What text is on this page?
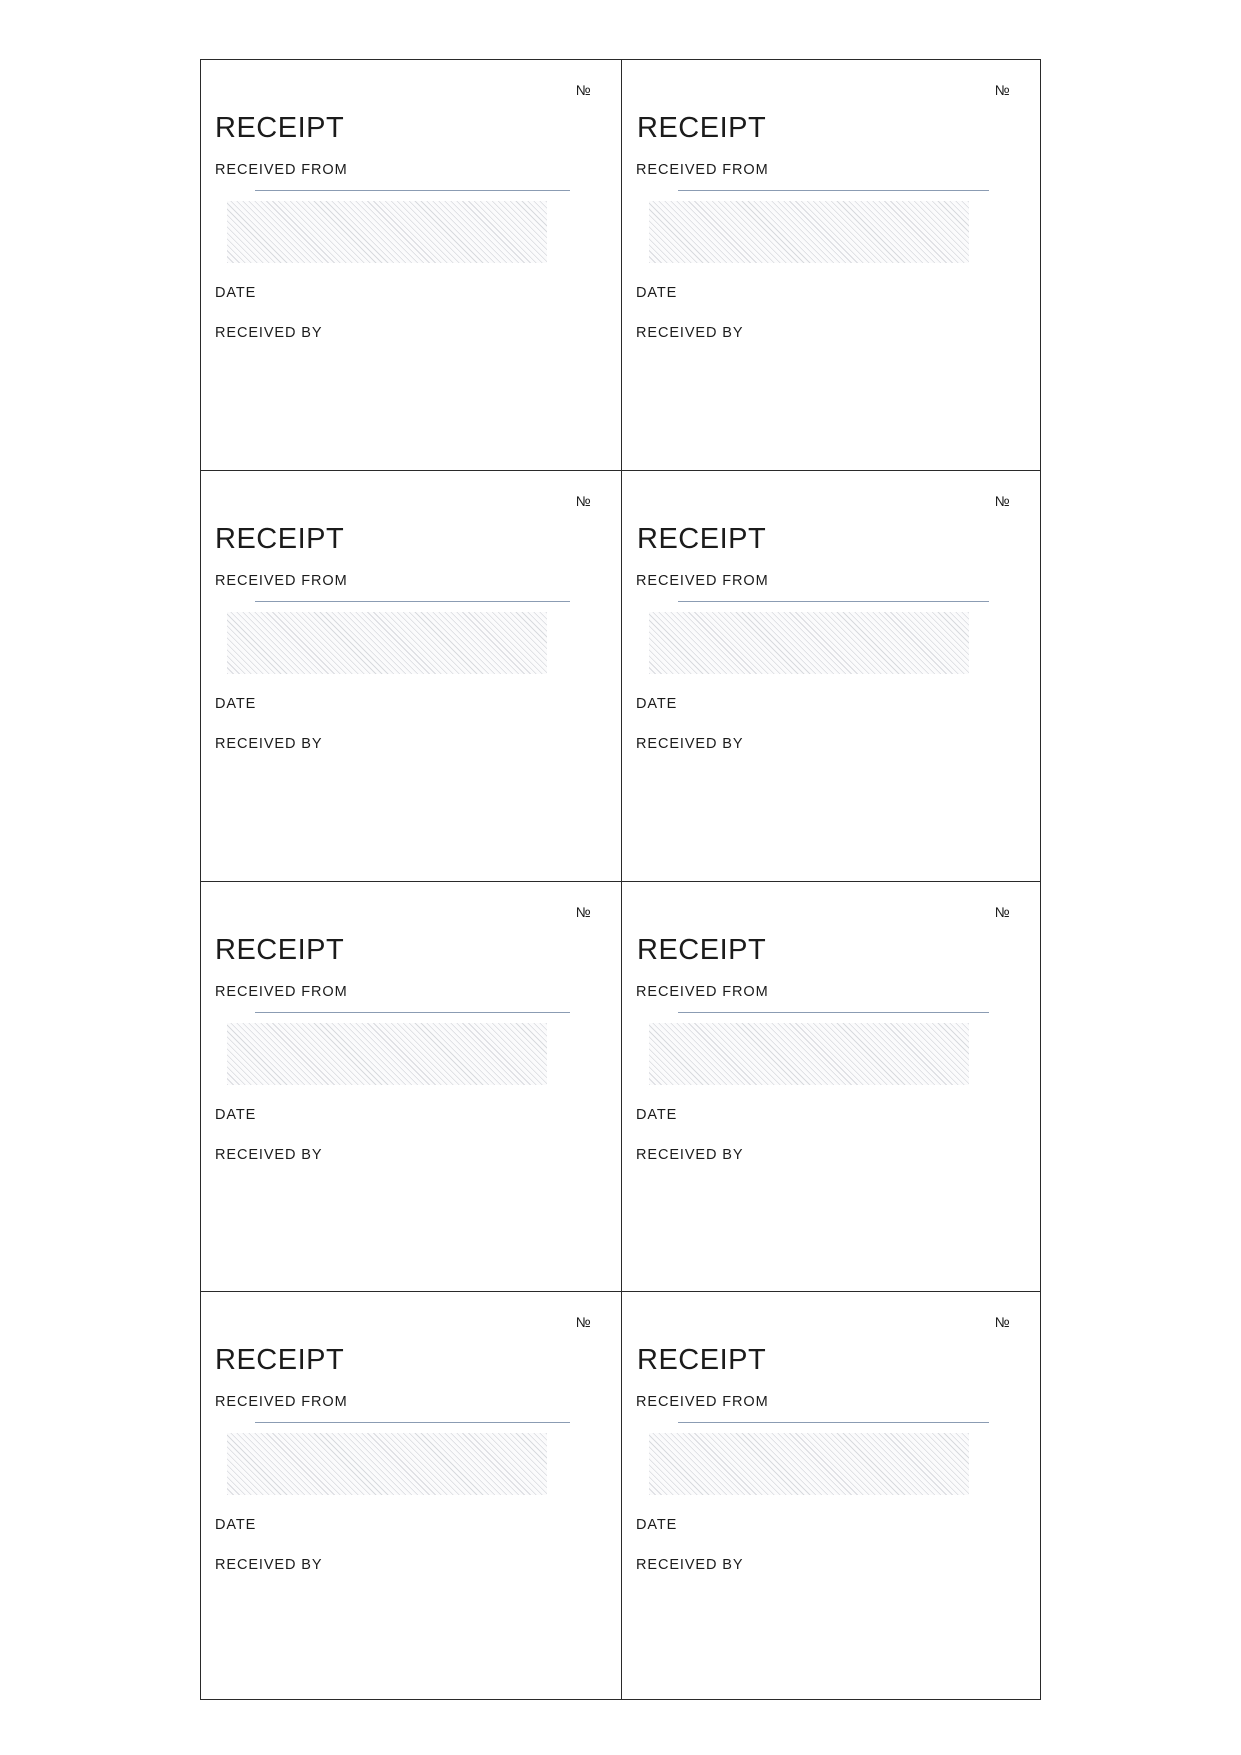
№
RECEIPT
RECEIVED FROM
DATE
RECEIVED BY
№
RECEIPT
RECEIVED FROM
DATE
RECEIVED BY
№
RECEIPT
RECEIVED FROM
DATE
RECEIVED BY
№
RECEIPT
RECEIVED FROM
DATE
RECEIVED BY
№
RECEIPT
RECEIVED FROM
DATE
RECEIVED BY
№
RECEIPT
RECEIVED FROM
DATE
RECEIVED BY
№
RECEIPT
RECEIVED FROM
DATE
RECEIVED BY
№
RECEIPT
RECEIVED FROM
DATE
RECEIVED BY
